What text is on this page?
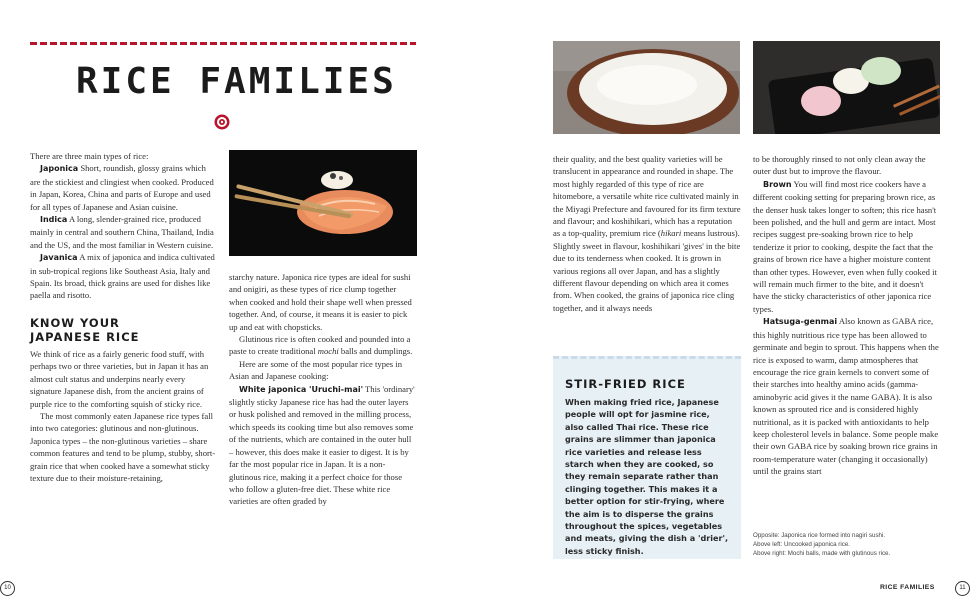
RICE FAMILIES

There are three main types of rice:

Japonica Short, roundish, glossy grains which are the stickiest and clingiest when cooked. Produced in Japan, Korea, China and parts of Europe and used for all types of Japanese and Asian cuisine.

Indica A long, slender-grained rice, produced mainly in central and southern China, Thailand, India and the US, and the most familiar in Western cuisine.

Javanica A mix of japonica and indica cultivated in sub-tropical regions like Southeast Asia, Italy and Spain. Its broad, thick grains are used for dishes like paella and risotto.

KNOW YOUR

JAPANESE RICE

We think of rice as a fairly generic food stuff, with perhaps two or three varieties, but in Japan it has an almost cult status and underpins nearly every signature Japanese dish, from the ancient grains of purple rice to the comforting squish of sticky rice.

The most commonly eaten Japanese rice types fall into two categories: glutinous and non-glutinous. Japonica types – the non-glutinous varieties – share common features and tend to be plump, stubby, short-grain rice that when cooked have a somewhat sticky texture due to their moisture-retaining,

starchy nature. Japonica rice types are ideal for sushi and onigiri, as these types of rice clump together when cooked and hold their shape well when pressed together. And, of course, it means it is easier to pick up and eat with chopsticks.

Glutinous rice is often cooked and pounded into a paste to create traditional mochi balls and dumplings.

Here are some of the most popular rice types in Asian and Japanese cooking:

White japonica 'Uruchi-mai' This 'ordinary' slightly sticky Japanese rice has had the outer layers or husk polished and removed in the milling process, which speeds its cooking time but also removes some of the nutrients, which are contained in the outer hull – however, this does make it easier to digest. It is by far the most popular rice in Japan. It is a non-glutinous rice, making it a perfect choice for those who follow a gluten-free diet. These white rice varieties are often graded by

10

their quality, and the best quality varieties will be translucent in appearance and rounded in shape. The most highly regarded of this type of rice are hitomebore, a versatile white rice cultivated mainly in the Miyagi Prefecture and favoured for its firm texture and flavour; and koshihikari, which has a reputation as a top-quality, premium rice (hikari means lustrous). Slightly sweet in flavour, koshihikari 'gives' in the bite due to its tenderness when cooked. It is grown in various regions all over Japan, and has a slightly different flavour depending on which area it comes from. When cooked, the grains of japonica rice cling together, and it always needs

STIR-FRIED RICE
When making fried rice, Japanese people will opt for jasmine rice, also called Thai rice. These rice grains are slimmer than japonica rice varieties and release less starch when they are cooked, so they remain separate rather than clinging together. This makes it a better option for stir-frying, where the aim is to disperse the grains throughout the spices, vegetables and meats, giving the dish a 'drier', less sticky finish.

to be thoroughly rinsed to not only clean away the outer dust but to improve the flavour.

Brown You will find most rice cookers have a different cooking setting for preparing brown rice, as the denser husk takes longer to soften; this rice hasn't been polished, and the hull and germ are intact. Most recipes suggest pre-soaking brown rice to help tenderize it prior to cooking, despite the fact that the grains of brown rice have a higher moisture content than other types. However, even when fully cooked it will remain much firmer to the bite, and it doesn't have the sticky characteristics of other japonica rice types.

Hatsuga-genmai Also known as GABA rice, this highly nutritious rice type has been allowed to germinate and begin to sprout. This happens when the rice is exposed to warm, damp atmospheres that encourage the rice grain kernels to convert some of their starches into healthy amino acids (gamma-aminobyric acid gives it the name GABA). It is also known as sprouted rice and is considered highly nutritional, as it is packed with antioxidants to help keep cholesterol levels in balance. Some people make their own GABA rice by soaking brown rice grains in room-temperature water (changing it occasionally) until the grains start

Opposite: Japonica rice formed into nagiri sushi.
Above left: Uncooked japonica rice.
Above right: Mochi balls, made with glutinous rice.
RICE FAMILIES	11
